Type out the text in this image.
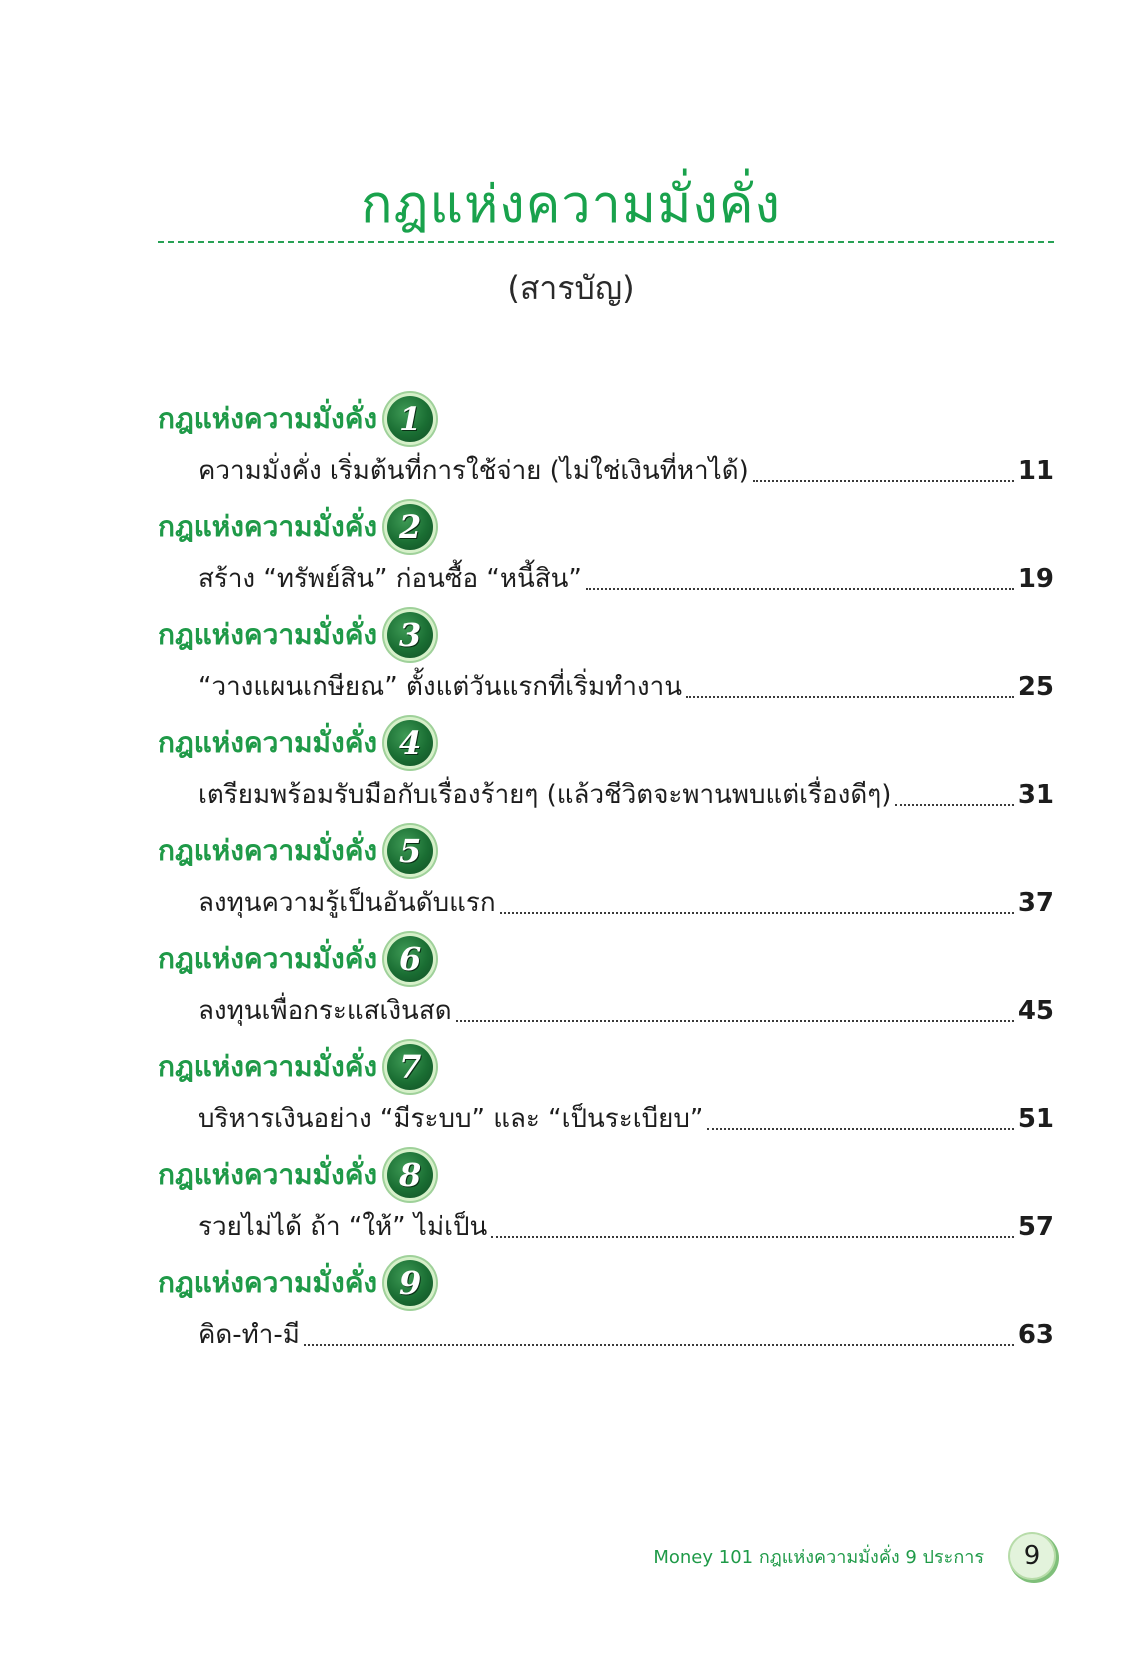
กฎแห่งความมั่งคั่ง
(สารบัญ)
กฎแห่งความมั่งคั่ง 1
ความมั่งคั่ง เริ่มต้นที่การใช้จ่าย (ไม่ใช่เงินที่หาได้)	11
กฎแห่งความมั่งคั่ง 2
สร้าง “ทรัพย์สิน” ก่อนซื้อ “หนี้สิน”	19
กฎแห่งความมั่งคั่ง 3
“วางแผนเกษียณ” ตั้งแต่วันแรกที่เริ่มทำงาน	25
กฎแห่งความมั่งคั่ง 4
เตรียมพร้อมรับมือกับเรื่องร้ายๆ (แล้วชีวิตจะพานพบแต่เรื่องดีๆ)	31
กฎแห่งความมั่งคั่ง 5
ลงทุนความรู้เป็นอันดับแรก	37
กฎแห่งความมั่งคั่ง 6
ลงทุนเพื่อกระแสเงินสด	45
กฎแห่งความมั่งคั่ง 7
บริหารเงินอย่าง “มีระบบ” และ “เป็นระเบียบ”	51
กฎแห่งความมั่งคั่ง 8
รวยไม่ได้ ถ้า “ให้” ไม่เป็น	57
กฎแห่งความมั่งคั่ง 9
คิด-ทำ-มี	63
Money 101 กฎแห่งความมั่งคั่ง 9 ประการ 9
